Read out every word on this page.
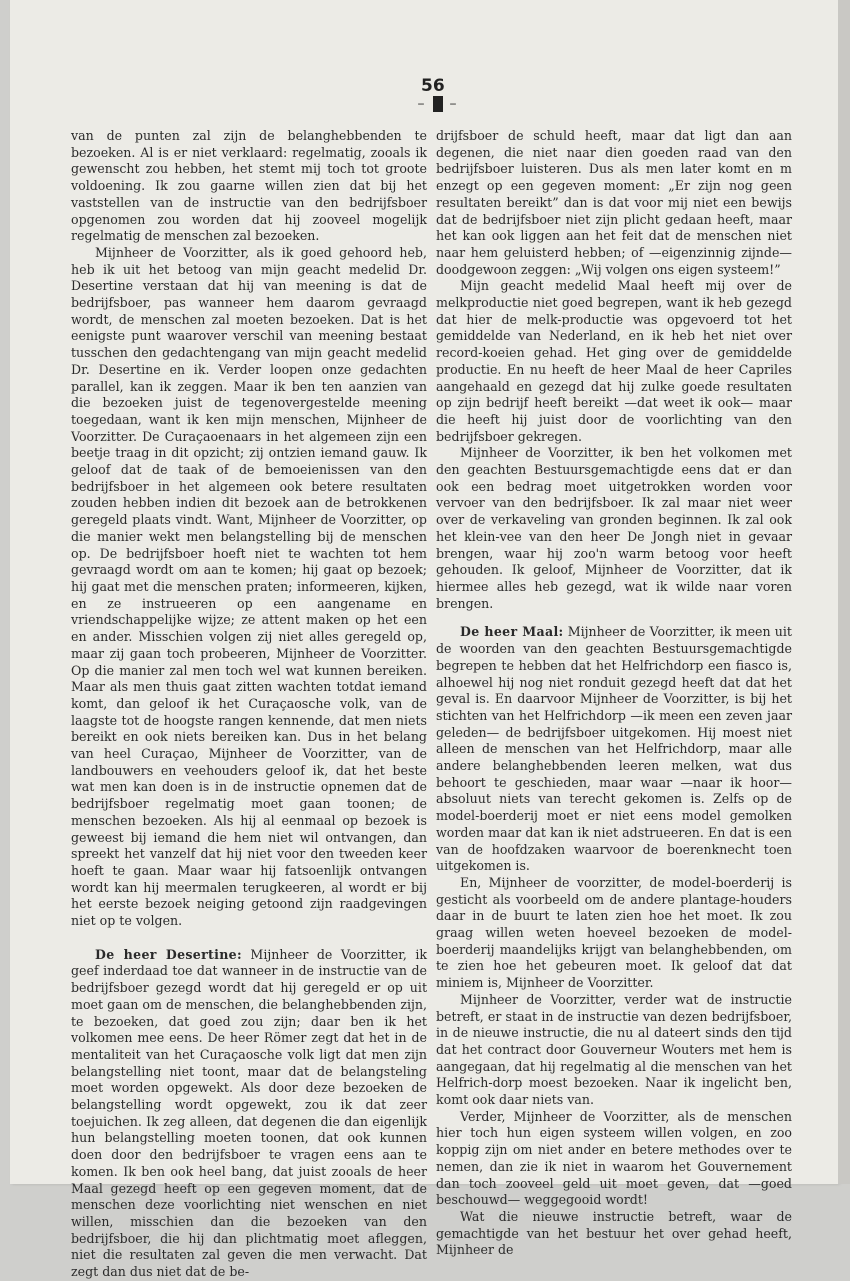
56
– –

van de punten zal zijn de belanghebbenden te bezoeken. Al is er niet verklaard: regelmatig, zooals ik gewenscht zou hebben, het stemt mij toch tot groote voldoening. Ik zou gaarne willen zien dat bij het vaststellen van de instructie van den bedrijfsboer opgenomen zou worden dat hij zooveel mogelijk regelmatig de menschen zal bezoeken.

Mijnheer de Voorzitter, als ik goed gehoord heb, heb ik uit het betoog van mijn geacht medelid Dr. Desertine verstaan dat hij van meening is dat de bedrijfsboer, pas wanneer hem daarom gevraagd wordt, de menschen zal moeten bezoeken. Dat is het eenigste punt waarover verschil van meening bestaat tusschen den gedachtengang van mijn geacht medelid Dr. Desertine en ik. Verder loopen onze gedachten parallel, kan ik zeggen. Maar ik ben ten aanzien van die bezoeken juist de tegenovergestelde meening toegedaan, want ik ken mijn menschen, Mijnheer de Voorzitter. De Curaçaoenaars in het algemeen zijn een beetje traag in dit opzicht; zij ontzien iemand gauw. Ik geloof dat de taak of de bemoeienissen van den bedrijfsboer in het algemeen ook betere resultaten zouden hebben indien dit bezoek aan de betrokkenen geregeld plaats vindt. Want, Mijnheer de Voorzitter, op die manier wekt men belangstelling bij de menschen op. De bedrijfsboer hoeft niet te wachten tot hem gevraagd wordt om aan te komen; hij gaat op bezoek; hij gaat met die menschen praten; informeeren, kijken, en ze instrueeren op een aangename en vriendschappelijke wijze; ze attent maken op het een en ander. Misschien volgen zij niet alles geregeld op, maar zij gaan toch probeeren, Mijnheer de Voorzitter. Op die manier zal men toch wel wat kunnen bereiken. Maar als men thuis gaat zitten wachten totdat iemand komt, dan geloof ik het Curaçaosche volk, van de laagste tot de hoogste rangen kennende, dat men niets bereikt en ook niets bereiken kan. Dus in het belang van heel Curaçao, Mijnheer de Voorzitter, van de landbouwers en veehouders geloof ik, dat het beste wat men kan doen is in de instructie opnemen dat de bedrijfsboer regelmatig moet gaan toonen; de menschen bezoeken. Als hij al eenmaal op bezoek is geweest bij iemand die hem niet wil ontvangen, dan spreekt het vanzelf dat hij niet voor den tweeden keer hoeft te gaan. Maar waar hij fatsoenlijk ontvangen wordt kan hij meermalen terugkeeren, al wordt er bij het eerste bezoek neiging getoond zijn raadgevingen niet op te volgen.

De heer Desertine: Mijnheer de Voorzitter, ik geef inderdaad toe dat wanneer in de instructie van de bedrijfsboer gezegd wordt dat hij geregeld er op uit moet gaan om de menschen, die belanghebbenden zijn, te bezoeken, dat goed zou zijn; daar ben ik het volkomen mee eens. De heer Römer zegt dat het in de mentaliteit van het Curaçaosche volk ligt dat men zijn belangstelling niet toont, maar dat de belangsteling moet worden opgewekt. Als door deze bezoeken de belangstelling wordt opgewekt, zou ik dat zeer toejuichen. Ik zeg alleen, dat degenen die dan eigenlijk hun belangstelling moeten toonen, dat ook kunnen doen door den bedrijfsboer te vragen eens aan te komen. Ik ben ook heel bang, dat juist zooals de heer Maal gezegd heeft op een gegeven moment, dat de menschen deze voorlichting niet wenschen en niet willen, misschien dan die bezoeken van den bedrijfsboer, die hij dan plichtmatig moet afleggen, niet die resultaten zal geven die men verwacht. Dat zegt dan dus niet dat de be-

drijfsboer de schuld heeft, maar dat ligt dan aan degenen, die niet naar dien goeden raad van den bedrijfsboer luisteren. Dus als men later komt en m enzegt op een gegeven moment: „Er zijn nog geen resultaten bereikt” dan is dat voor mij niet een bewijs dat de bedrijfsboer niet zijn plicht gedaan heeft, maar het kan ook liggen aan het feit dat de menschen niet naar hem geluisterd hebben; of —eigenzinnig zijnde— doodgewoon zeggen: „Wij volgen ons eigen systeem!”

Mijn geacht medelid Maal heeft mij over de melkproductie niet goed begrepen, want ik heb gezegd dat hier de melk-productie was opgevoerd tot het gemiddelde van Nederland, en ik heb het niet over record-koeien gehad. Het ging over de gemiddelde productie. En nu heeft de heer Maal de heer Capriles aangehaald en gezegd dat hij zulke goede resultaten op zijn bedrijf heeft bereikt —dat weet ik ook— maar die heeft hij juist door de voorlichting van den bedrijfsboer gekregen.

Mijnheer de Voorzitter, ik ben het volkomen met den geachten Bestuursgemachtigde eens dat er dan ook een bedrag moet uitgetrokken worden voor vervoer van den bedrijfsboer. Ik zal maar niet weer over de verkaveling van gronden beginnen. Ik zal ook het klein-vee van den heer De Jongh niet in gevaar brengen, waar hij zoo'n warm betoog voor heeft gehouden. Ik geloof, Mijnheer de Voorzitter, dat ik hiermee alles heb gezegd, wat ik wilde naar voren brengen.

De heer Maal: Mijnheer de Voorzitter, ik meen uit de woorden van den geachten Bestuursgemachtigde begrepen te hebben dat het Helfrichdorp een fiasco is, alhoewel hij nog niet ronduit gezegd heeft dat dat het geval is. En daarvoor Mijnheer de Voorzitter, is bij het stichten van het Helfrichdorp —ik meen een zeven jaar geleden— de bedrijfsboer uitgekomen. Hij moest niet alleen de menschen van het Helfrichdorp, maar alle andere belanghebbenden leeren melken, wat dus behoort te geschieden, maar waar —naar ik hoor— absoluut niets van terecht gekomen is. Zelfs op de model-boerderij moet er niet eens model gemolken worden maar dat kan ik niet adstrueeren. En dat is een van de hoofdzaken waarvoor de boerenknecht toen uitgekomen is.

En, Mijnheer de voorzitter, de model-boerderij is gesticht als voorbeeld om de andere plantage-houders daar in de buurt te laten zien hoe het moet. Ik zou graag willen weten hoeveel bezoeken de model-boerderij maandelijks krijgt van belanghebbenden, om te zien hoe het gebeuren moet. Ik geloof dat dat miniem is, Mijnheer de Voorzitter.

Mijnheer de Voorzitter, verder wat de instructie betreft, er staat in de instructie van dezen bedrijfsboer, in de nieuwe instructie, die nu al dateert sinds den tijd dat het contract door Gouverneur Wouters met hem is aangegaan, dat hij regelmatig al die menschen van het Helfrich-dorp moest bezoeken. Naar ik ingelicht ben, komt ook daar niets van.

Verder, Mijnheer de Voorzitter, als de menschen hier toch hun eigen systeem willen volgen, en zoo koppig zijn om niet ander en betere methodes over te nemen, dan zie ik niet in waarom het Gouvernement dan toch zooveel geld uit moet geven, dat —goed beschouwd— weggegooid wordt!

Wat die nieuwe instructie betreft, waar de gemachtigde van het bestuur het over gehad heeft, Mijnheer de
